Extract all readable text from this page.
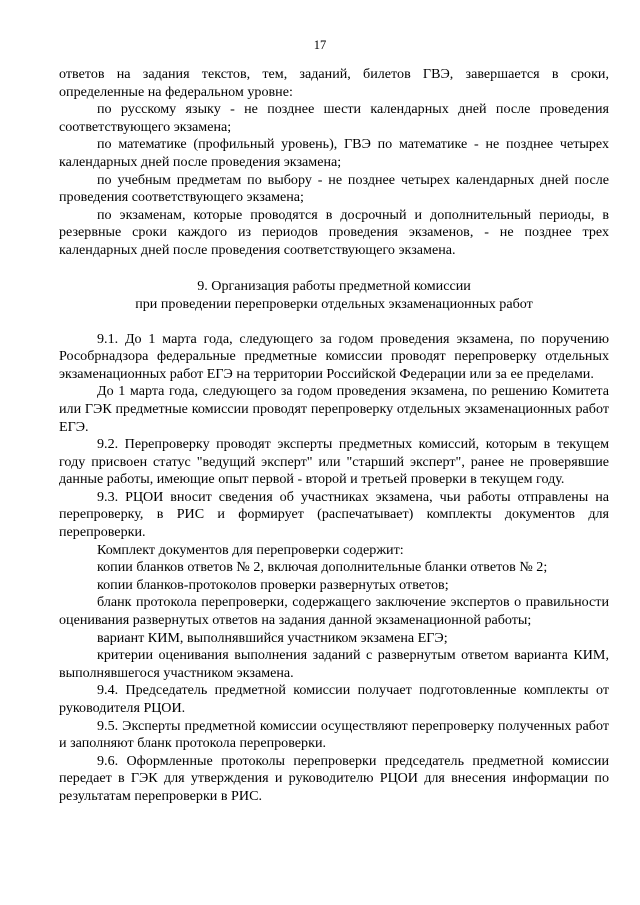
17

ответов на задания текстов, тем, заданий, билетов ГВЭ, завершается в сроки, определенные на федеральном уровне:

по русскому языку - не позднее шести календарных дней после проведения соответствующего экзамена;

по математике (профильный уровень), ГВЭ по математике - не позднее четырех календарных дней после проведения экзамена;

по учебным предметам по выбору - не позднее четырех календарных дней после проведения соответствующего экзамена;

по экзаменам, которые проводятся в досрочный и дополнительный периоды, в резервные сроки каждого из периодов проведения экзаменов, - не позднее трех календарных дней после проведения соответствующего экзамена.

9. Организация работы предметной комиссии
при проведении перепроверки отдельных экзаменационных работ

9.1. До 1 марта года, следующего за годом проведения экзамена, по поручению Рособрнадзора федеральные предметные комиссии проводят перепроверку отдельных экзаменационных работ ЕГЭ на территории Российской Федерации или за ее пределами.

До 1 марта года, следующего за годом проведения экзамена, по решению Комитета или ГЭК предметные комиссии проводят перепроверку отдельных экзаменационных работ ЕГЭ.

9.2. Перепроверку проводят эксперты предметных комиссий, которым в текущем году присвоен статус "ведущий эксперт" или "старший эксперт", ранее не проверявшие данные работы, имеющие опыт первой - второй и третьей проверки в текущем году.

9.3. РЦОИ вносит сведения об участниках экзамена, чьи работы отправлены на перепроверку, в РИС и формирует (распечатывает) комплекты документов для перепроверки.

Комплект документов для перепроверки содержит:

копии бланков ответов № 2, включая дополнительные бланки ответов № 2;

копии бланков-протоколов проверки развернутых ответов;

бланк протокола перепроверки, содержащего заключение экспертов о правильности оценивания развернутых ответов на задания данной экзаменационной работы;

вариант КИМ, выполнявшийся участником экзамена ЕГЭ;

критерии оценивания выполнения заданий с развернутым ответом варианта КИМ, выполнявшегося участником экзамена.

9.4. Председатель предметной комиссии получает подготовленные комплекты от руководителя РЦОИ.

9.5. Эксперты предметной комиссии осуществляют перепроверку полученных работ и заполняют бланк протокола перепроверки.

9.6. Оформленные протоколы перепроверки председатель предметной комиссии передает в ГЭК для утверждения и руководителю РЦОИ для внесения информации по результатам перепроверки в РИС.
